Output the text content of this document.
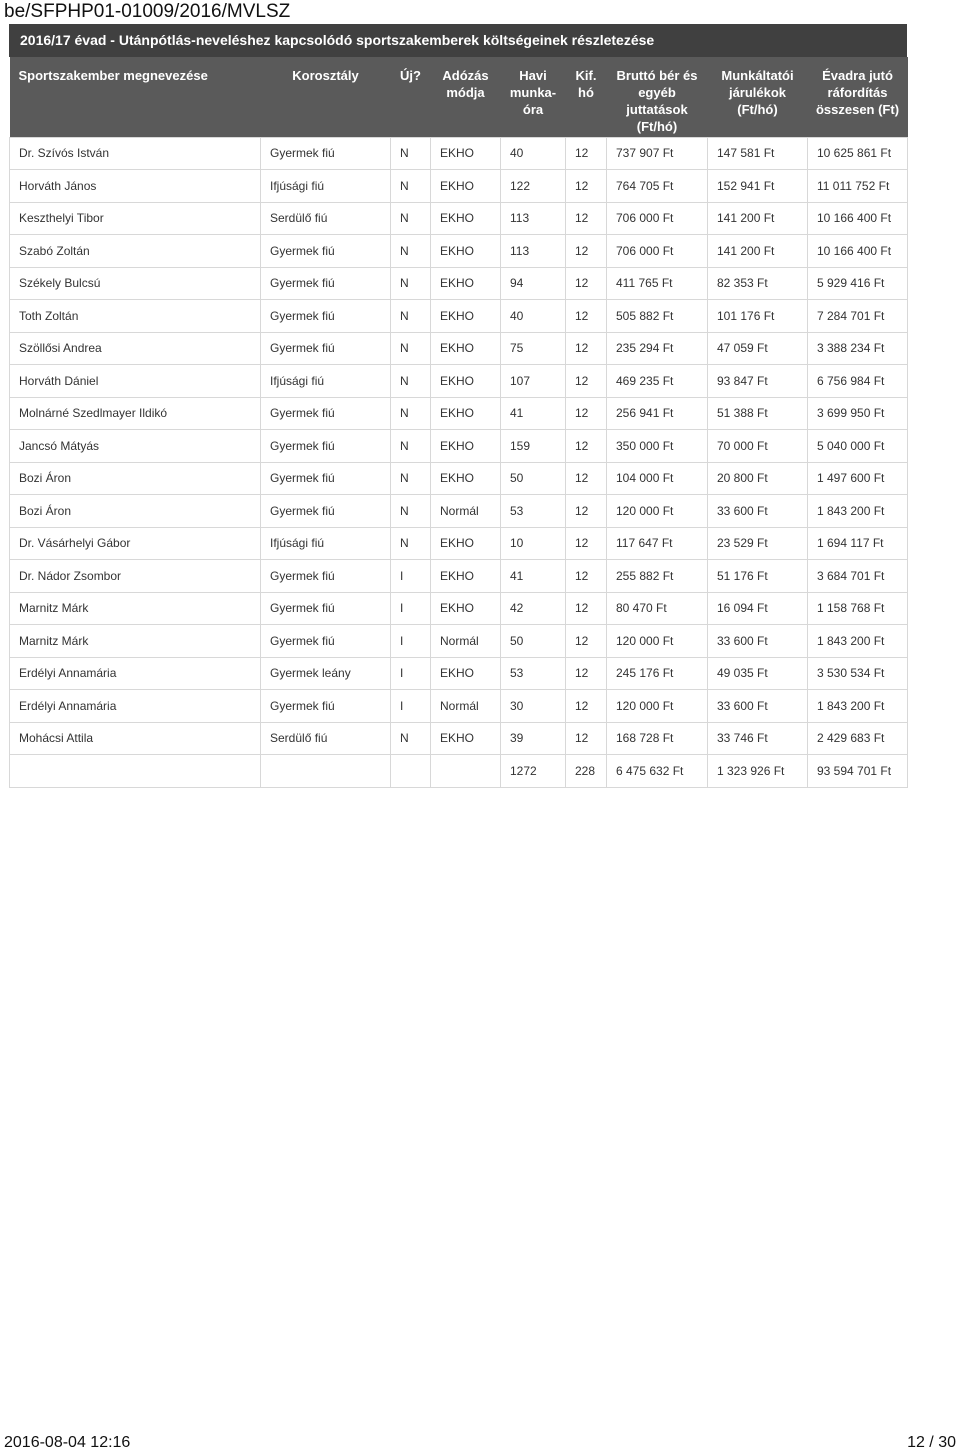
be/SFPHP01-01009/2016/MVLSZ
2016/17 évad - Utánpótlás-neveléshez kapcsolódó sportszakemberek költségeinek részletezése
Sportszakember megnevezése	Korosztály	Új?	Adózás módja	Havi munka- óra	Kif. hó	Bruttó bér és egyéb juttatások (Ft/hó)	Munkáltatói járulékok (Ft/hó)	Évadra jutó ráfordítás összesen (Ft)
Dr. Szívós István	Gyermek fiú	N	EKHO	40	12	737 907 Ft	147 581 Ft	10 625 861 Ft
Horváth János	Ifjúsági fiú	N	EKHO	122	12	764 705 Ft	152 941 Ft	11 011 752 Ft
Keszthelyi Tibor	Serdülő fiú	N	EKHO	113	12	706 000 Ft	141 200 Ft	10 166 400 Ft
Szabó Zoltán	Gyermek fiú	N	EKHO	113	12	706 000 Ft	141 200 Ft	10 166 400 Ft
Székely Bulcsú	Gyermek fiú	N	EKHO	94	12	411 765 Ft	82 353 Ft	5 929 416 Ft
Toth Zoltán	Gyermek fiú	N	EKHO	40	12	505 882 Ft	101 176 Ft	7 284 701 Ft
Szöllősi Andrea	Gyermek fiú	N	EKHO	75	12	235 294 Ft	47 059 Ft	3 388 234 Ft
Horváth Dániel	Ifjúsági fiú	N	EKHO	107	12	469 235 Ft	93 847 Ft	6 756 984 Ft
Molnárné Szedlmayer Ildikó	Gyermek fiú	N	EKHO	41	12	256 941 Ft	51 388 Ft	3 699 950 Ft
Jancsó Mátyás	Gyermek fiú	N	EKHO	159	12	350 000 Ft	70 000 Ft	5 040 000 Ft
Bozi Áron	Gyermek fiú	N	EKHO	50	12	104 000 Ft	20 800 Ft	1 497 600 Ft
Bozi Áron	Gyermek fiú	N	Normál	53	12	120 000 Ft	33 600 Ft	1 843 200 Ft
Dr. Vásárhelyi Gábor	Ifjúsági fiú	N	EKHO	10	12	117 647 Ft	23 529 Ft	1 694 117 Ft
Dr. Nádor Zsombor	Gyermek fiú	I	EKHO	41	12	255 882 Ft	51 176 Ft	3 684 701 Ft
Marnitz Márk	Gyermek fiú	I	EKHO	42	12	80 470 Ft	16 094 Ft	1 158 768 Ft
Marnitz Márk	Gyermek fiú	I	Normál	50	12	120 000 Ft	33 600 Ft	1 843 200 Ft
Erdélyi Annamária	Gyermek leány	I	EKHO	53	12	245 176 Ft	49 035 Ft	3 530 534 Ft
Erdélyi Annamária	Gyermek fiú	I	Normál	30	12	120 000 Ft	33 600 Ft	1 843 200 Ft
Mohácsi Attila	Serdülő fiú	N	EKHO	39	12	168 728 Ft	33 746 Ft	2 429 683 Ft
				1272	228	6 475 632 Ft	1 323 926 Ft	93 594 701 Ft
2016-08-04 12:16	12 / 30
